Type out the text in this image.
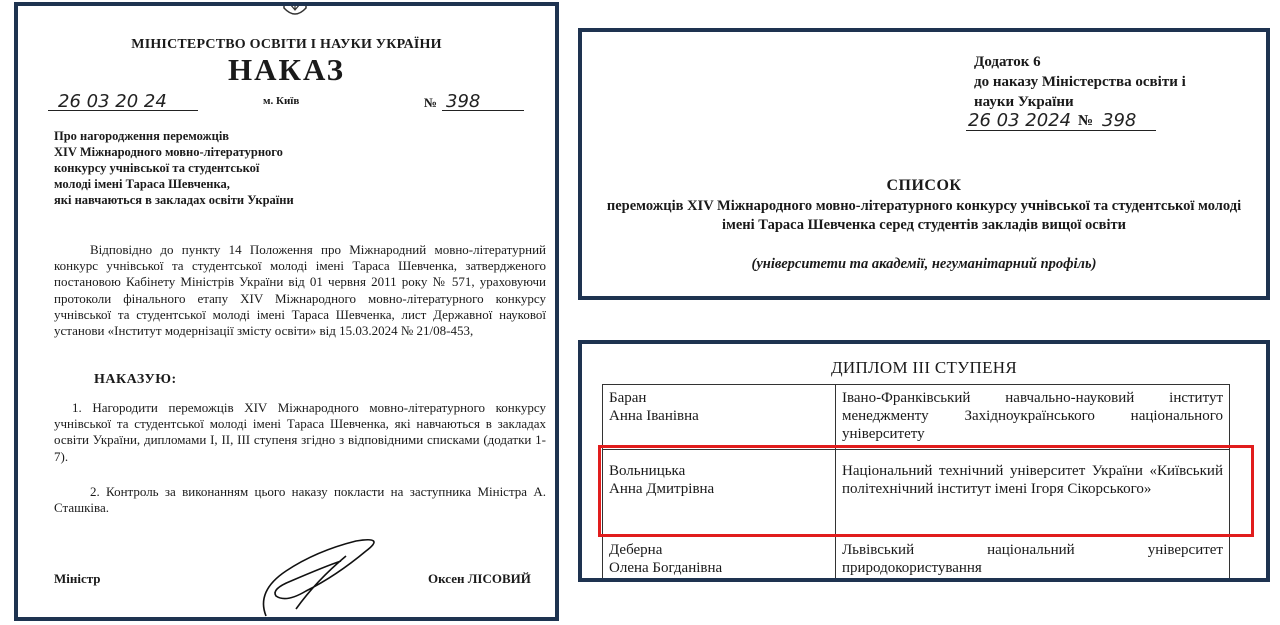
МІНІСТЕРСТВО ОСВІТИ І НАУКИ УКРАЇНИ
НАКАЗ
26 03 20 24	м. Київ	№ 398
Про нагородження переможців
XIV Міжнародного мовно-літературного
конкурсу учнівської та студентської
молоді імені Тараса Шевченка,
які навчаються в закладах освіти України
Відповідно до пункту 14 Положення про Міжнародний мовно-літературний конкурс учнівської та студентської молоді імені Тараса Шевченка, затвердженого постановою Кабінету Міністрів України від 01 червня 2011 року № 571, ураховуючи протоколи фінального етапу XIV Міжнародного мовно-літературного конкурсу учнівської та студентської молоді імені Тараса Шевченка, лист Державної наукової установи «Інститут модернізації змісту освіти» від 15.03.2024 № 21/08-453,
НАКАЗУЮ:
1. Нагородити переможців XIV Міжнародного мовно-літературного конкурсу учнівської та студентської молоді імені Тараса Шевченка, які навчаються в закладах освіти України, дипломами І, ІІ, ІІІ ступеня згідно з відповідними списками (додатки 1-7).
2. Контроль за виконанням цього наказу покласти на заступника Міністра А. Сташківа.
Міністр	Оксен ЛІСОВИЙ
Додаток 6
до наказу Міністерства освіти і
науки України
26 03 2024 № 398
СПИСОК
переможців XIV Міжнародного мовно-літературного конкурсу учнівської та студентської молоді імені Тараса Шевченка серед студентів закладів вищої освіти
(університети та академії, негуманітарний профіль)
ДИПЛОМ ІІІ СТУПЕНЯ
Баран
Анна Іванівна	Івано-Франківський навчально-науковий інститут менеджменту Західноукраїнського національного університету

Вольницька
Анна Дмитрівна	Національний технічний університет України «Київський політехнічний інститут імені Ігоря Сікорського»

Деберна
Олена Богданівна	Львівський національний університет природокористування
